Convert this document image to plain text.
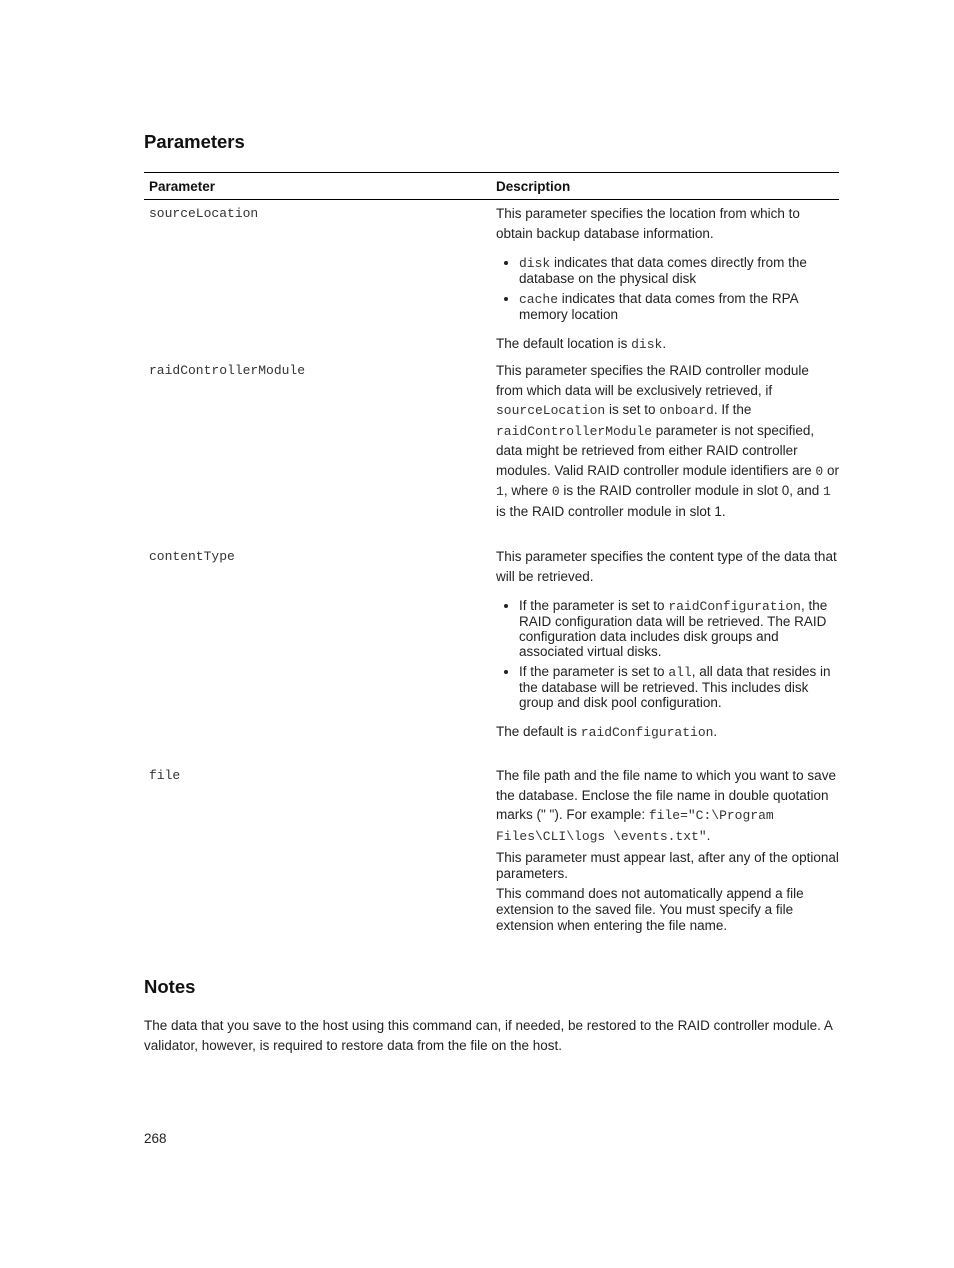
Parameters
Parameter	Description
sourceLocation	This parameter specifies the location from which to obtain backup database information.

• disk indicates that data comes directly from the database on the physical disk
• cache indicates that data comes from the RPA memory location

The default location is disk.

raidControllerModule	This parameter specifies the RAID controller module from which data will be exclusively retrieved, if sourceLocation is set to onboard. If the raidControllerModule parameter is not specified, data might be retrieved from either RAID controller modules. Valid RAID controller module identifiers are 0 or 1, where 0 is the RAID controller module in slot 0, and 1 is the RAID controller module in slot 1.

contentType	This parameter specifies the content type of the data that will be retrieved.

• If the parameter is set to raidConfiguration, the RAID configuration data will be retrieved. The RAID configuration data includes disk groups and associated virtual disks.
• If the parameter is set to all, all data that resides in the database will be retrieved. This includes disk group and disk pool configuration.

The default is raidConfiguration.

file	The file path and the file name to which you want to save the database. Enclose the file name in double quotation marks (" "). For example: file="C:\Program Files\CLI\logs \events.txt".

This parameter must appear last, after any of the optional parameters.

This command does not automatically append a file extension to the saved file. You must specify a file extension when entering the file name.

Notes

The data that you save to the host using this command can, if needed, be restored to the RAID controller module. A validator, however, is required to restore data from the file on the host.

268
